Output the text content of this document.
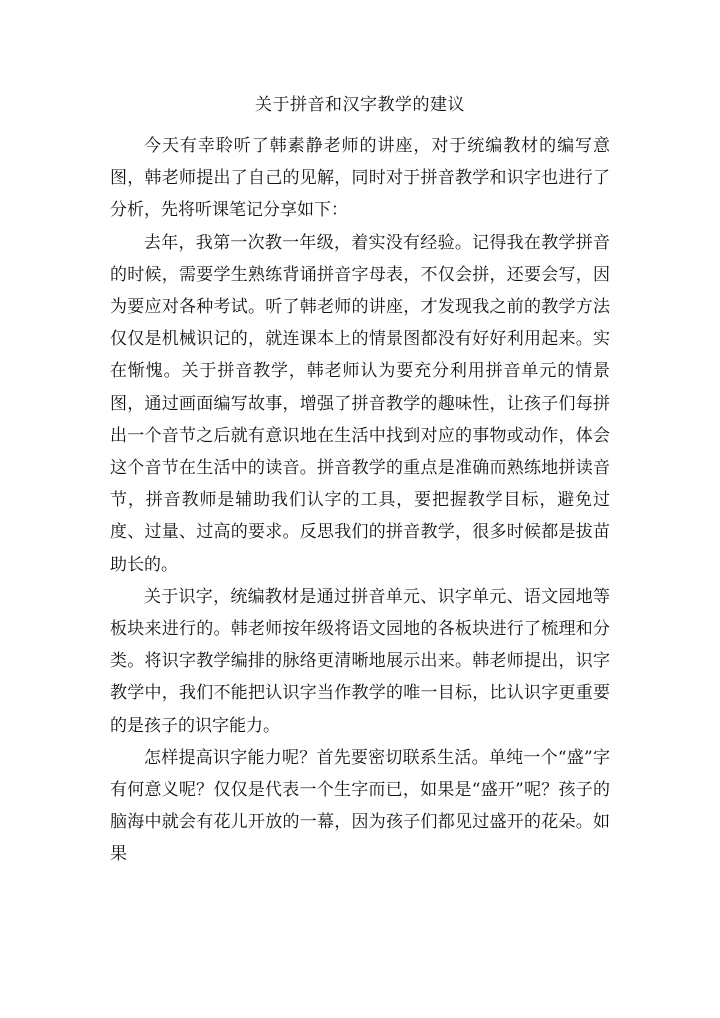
关于拼音和汉字教学的建议

今天有幸聆听了韩素静老师的讲座，对于统编教材的编写意图，韩老师提出了自己的见解，同时对于拼音教学和识字也进行了分析，先将听课笔记分享如下：

去年，我第一次教一年级，着实没有经验。记得我在教学拼音的时候，需要学生熟练背诵拼音字母表，不仅会拼，还要会写，因为要应对各种考试。听了韩老师的讲座，才发现我之前的教学方法仅仅是机械识记的，就连课本上的情景图都没有好好利用起来。实在惭愧。关于拼音教学，韩老师认为要充分利用拼音单元的情景图，通过画面编写故事，增强了拼音教学的趣味性，让孩子们每拼出一个音节之后就有意识地在生活中找到对应的事物或动作，体会这个音节在生活中的读音。拼音教学的重点是准确而熟练地拼读音节，拼音教师是辅助我们认字的工具，要把握教学目标，避免过度、过量、过高的要求。反思我们的拼音教学，很多时候都是拔苗助长的。

关于识字，统编教材是通过拼音单元、识字单元、语文园地等板块来进行的。韩老师按年级将语文园地的各板块进行了梳理和分类。将识字教学编排的脉络更清晰地展示出来。韩老师提出，识字教学中，我们不能把认识字当作教学的唯一目标，比认识字更重要的是孩子的识字能力。

怎样提高识字能力呢？首先要密切联系生活。单纯一个“盛”字有何意义呢？仅仅是代表一个生字而已，如果是“盛开”呢？孩子的脑海中就会有花儿开放的一幕，因为孩子们都见过盛开的花朵。如果
